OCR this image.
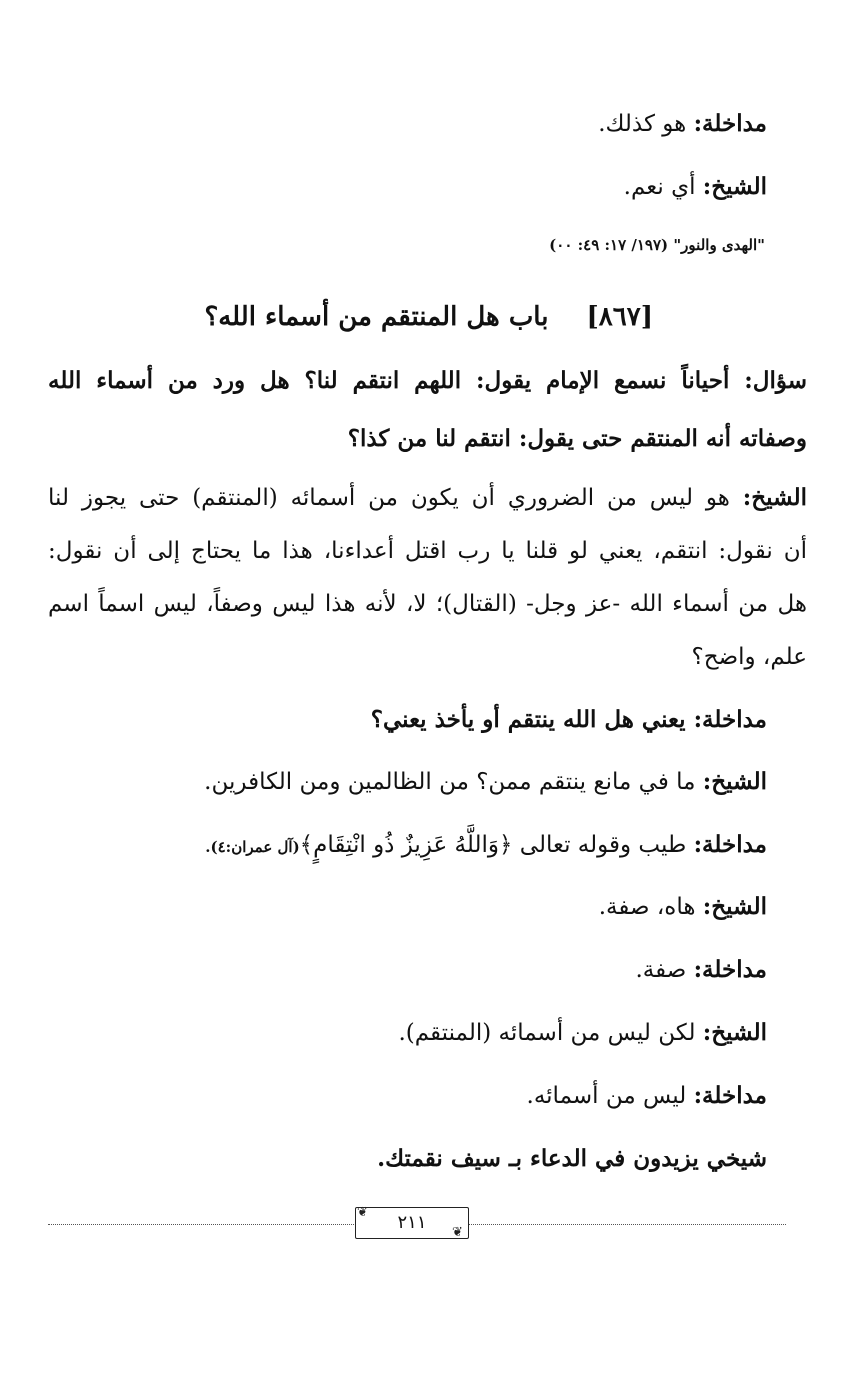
مداخلة: هو كذلك.
الشيخ: أي نعم.
"الهدى والنور" (١٩٧/ ١٧: ٤٩: ٠٠)
[٨٦٧]باب هل المنتقم من أسماء الله؟
سؤال: أحياناً نسمع الإمام يقول: اللهم انتقم لنا؟ هل ورد من أسماء الله
وصفاته أنه المنتقم حتى يقول: انتقم لنا من كذا؟
الشيخ: هو ليس من الضروري أن يكون من أسمائه (المنتقم) حتى يجوز لنا
أن نقول: انتقم، يعني لو قلنا يا رب اقتل أعداءنا، هذا ما يحتاج إلى أن نقول:
هل من أسماء الله -عز وجل- (القتال)؛ لا، لأنه هذا ليس وصفاً، ليس اسماً اسم
علم، واضح؟
مداخلة: يعني هل الله ينتقم أو يأخذ يعني؟
الشيخ: ما في مانع ينتقم ممن؟ من الظالمين ومن الكافرين.
مداخلة: طيب وقوله تعالى ﴿وَاللَّهُ عَزِيزٌ ذُو انْتِقَامٍ﴾(آل عمران:٤).
الشيخ: هاه، صفة.
مداخلة: صفة.
الشيخ: لكن ليس من أسمائه (المنتقم).
مداخلة: ليس من أسمائه.
شيخي يزيدون في الدعاء بـ سيف نقمتك.
٢١١
❦
❦
